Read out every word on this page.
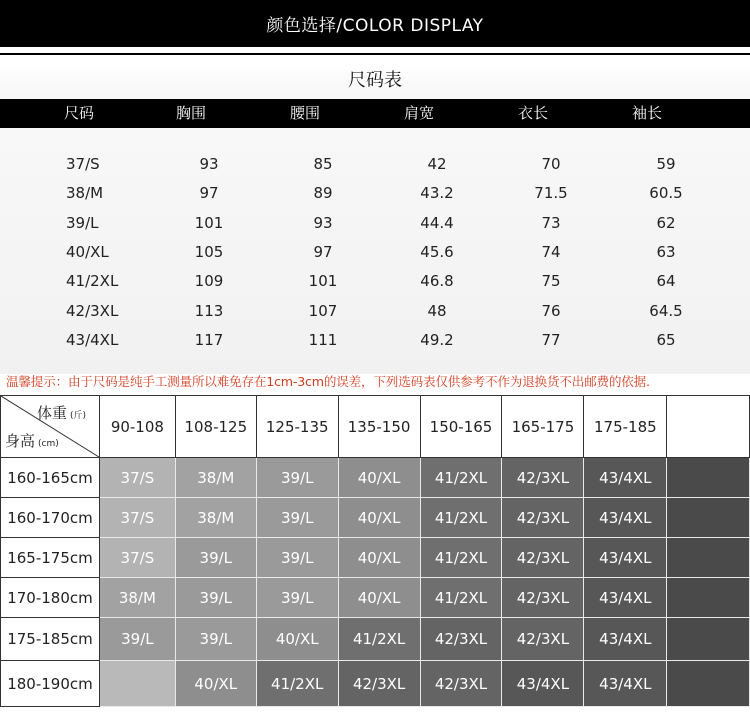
颜色选择/COLOR DISPLAY
尺码表
尺码	胸围	腰围	肩宽	衣长	袖长
37/S	93	85	42	70	59
38/M	97	89	43.2	71.5	60.5
39/L	101	93	44.4	73	62
40/XL	105	97	45.6	74	63
41/2XL	109	101	46.8	75	64
42/3XL	113	107	48	76	64.5
43/4XL	117	111	49.2	77	65
温馨提示：由于尺码是纯手工测量所以难免存在1cm-3cm的误差，下列选码表仅供参考不作为退换货不出邮费的依据.
体重 (斤)
身高 (cm)	90-108	108-125	125-135	135-150	150-165	165-175	175-185	
160-165cm	37/S	38/M	39/L	40/XL	41/2XL	42/3XL	43/4XL	
160-170cm	37/S	38/M	39/L	40/XL	41/2XL	42/3XL	43/4XL	
165-175cm	37/S	39/L	39/L	40/XL	41/2XL	42/3XL	43/4XL	
170-180cm	38/M	39/L	39/L	40/XL	41/2XL	42/3XL	43/4XL	
175-185cm	39/L	39/L	40/XL	41/2XL	42/3XL	42/3XL	43/4XL	
180-190cm		40/XL	41/2XL	42/3XL	42/3XL	43/4XL	43/4XL	
